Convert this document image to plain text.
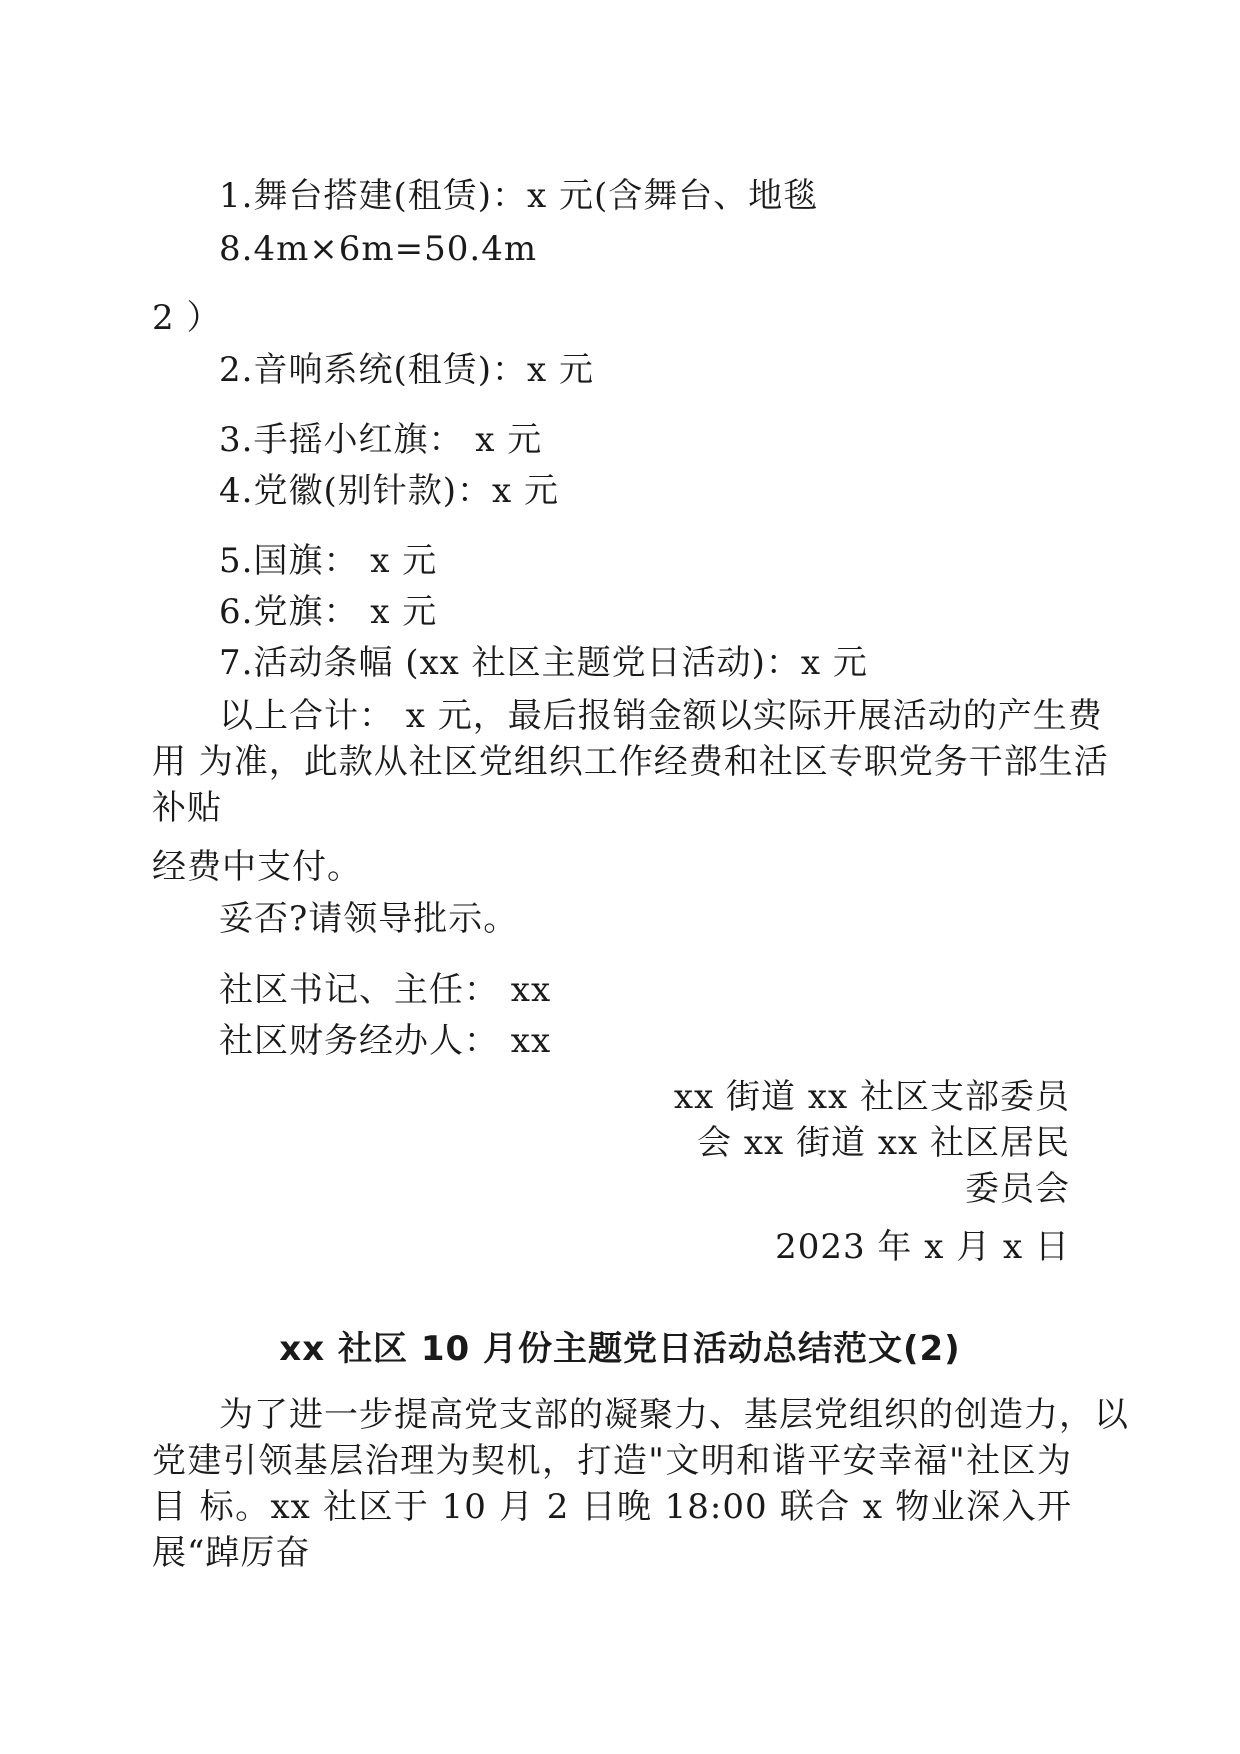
1.舞台搭建(租赁)：x 元(含舞台、地毯
8.4m×6m=50.4m
2 ）
2.音响系统(租赁)：x 元
3.手摇小红旗： x 元
4.党徽(别针款)：x 元
5.国旗： x 元
6.党旗： x 元
7.活动条幅 (xx 社区主题党日活动)：x 元
以上合计： x 元，最后报销金额以实际开展活动的产生费
用 为准，此款从社区党组织工作经费和社区专职党务干部生活
补贴
经费中支付。
妥否?请领导批示。
社区书记、主任： xx
社区财务经办人： xx
xx 街道 xx 社区支部委员
会 xx 街道 xx 社区居民
委员会
2023 年 x 月 x 日
xx 社区 10 月份主题党日活动总结范文(2)
为了进一步提高党支部的凝聚力、基层党组织的创造力，以
党建引领基层治理为契机，打造"文明和谐平安幸福"社区为
目 标。xx 社区于 10 月 2 日晚 18:00 联合 x 物业深入开
展“踔厉奋
